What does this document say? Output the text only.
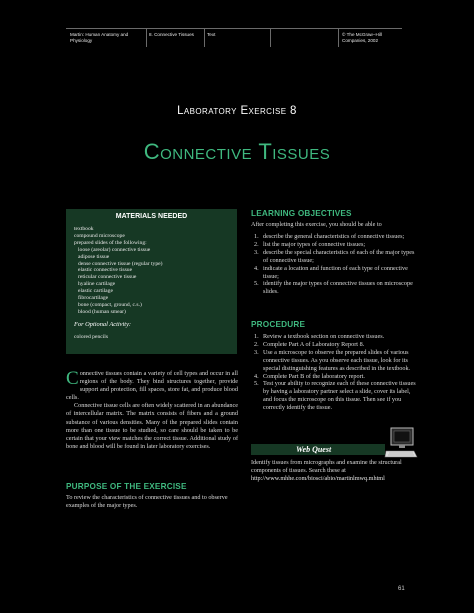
Martin: Human Anatomy and Physiology
8. Connective Tissues	Text	© The McGraw−Hill Companies, 2002
Laboratory Exercise 8
Connective Tissues
MATERIALS NEEDED
textbook
compound microscope
prepared slides of the following:
loose (areolar) connective tissue
adipose tissue
dense connective tissue (regular type)
elastic connective tissue
reticular connective tissue
hyaline cartilage
elastic cartilage
fibrocartilage
bone (compact, ground, c.s.)
blood (human smear)
For Optional Activity:
colored pencils

Connective tissues contain a variety of cell types and occur in all regions of the body. They bind structures together, provide support and protection, fill spaces, store fat, and produce blood cells.

Connective tissue cells are often widely scattered in an abundance of intercellular matrix. The matrix consists of fibers and a ground substance of various densities. Many of the prepared slides contain more than one tissue to be studied, so care should be taken to be certain that your view matches the correct tissue. Additional study of bone and blood will be found in later laboratory exercises.

PURPOSE OF THE EXERCISE
To review the characteristics of connective tissues and to observe examples of the major types.
LEARNING OBJECTIVES
After completing this exercise, you should be able to
1. describe the general characteristics of connective tissues;
2. list the major types of connective tissues;
3. describe the special characteristics of each of the major types of connective tissue;
4. indicate a location and function of each type of connective tissue;
5. identify the major types of connective tissues on microscope slides.
PROCEDURE
1. Review a textbook section on connective tissues.
2. Complete Part A of Laboratory Report 8.
3. Use a microscope to observe the prepared slides of various connective tissues. As you observe each tissue, look for its special distinguishing features as described in the textbook.
4. Complete Part B of the laboratory report.
5. Test your ability to recognize each of these connective tissues by having a laboratory partner select a slide, cover its label, and focus the microscope on this tissue. Then see if you correctly identify the tissue.
Web Quest
Identify tissues from micrographs and examine the structural components of tissues. Search these at http://www.mhhe.com/biosci/abio/martinlmwq.mhtml
61
